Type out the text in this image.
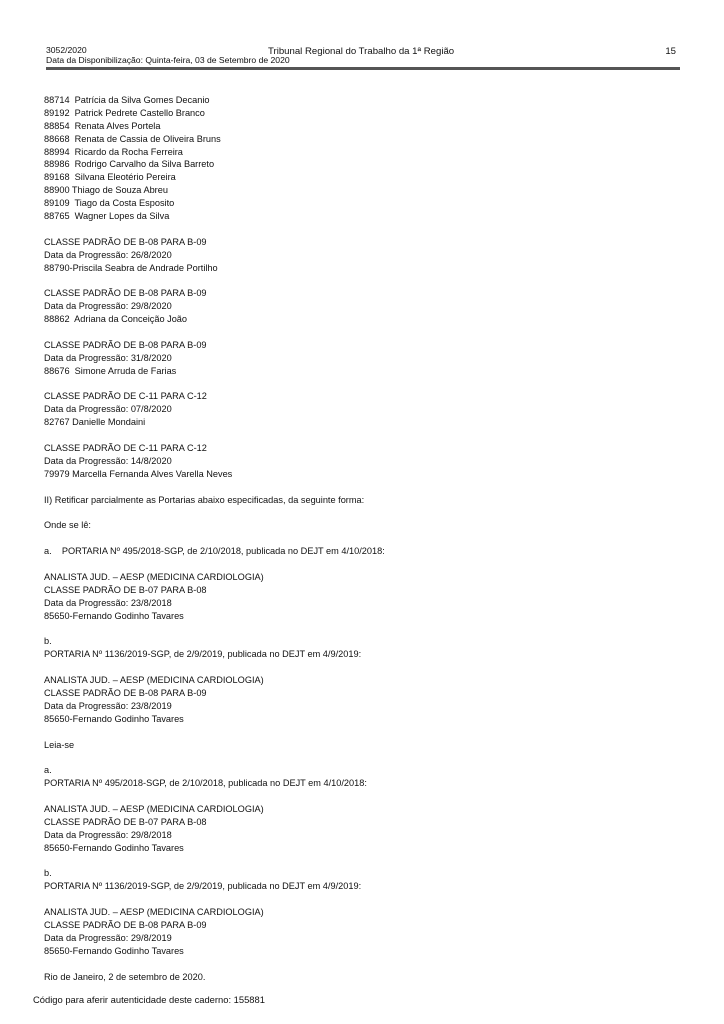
3052/2020
Data da Disponibilização: Quinta-feira, 03 de Setembro de 2020
Tribunal Regional do Trabalho da 1ª Região	15
88714  Patrícia da Silva Gomes Decanio
89192  Patrick Pedrete Castello Branco
88854  Renata Alves Portela
88668  Renata de Cassia de Oliveira Bruns
88994  Ricardo da Rocha Ferreira
88986  Rodrigo Carvalho da Silva Barreto
89168  Silvana Eleotério Pereira
88900 Thiago de Souza Abreu
89109  Tiago da Costa Esposito
88765  Wagner Lopes da Silva
CLASSE PADRÃO DE B-08 PARA B-09
Data da Progressão: 26/8/2020
88790-Priscila Seabra de Andrade Portilho
CLASSE PADRÃO DE B-08 PARA B-09
Data da Progressão: 29/8/2020
88862  Adriana da Conceição João
CLASSE PADRÃO DE B-08 PARA B-09
Data da Progressão: 31/8/2020
88676  Simone Arruda de Farias
CLASSE PADRÃO DE C-11 PARA C-12
Data da Progressão: 07/8/2020
82767 Danielle Mondaini
CLASSE PADRÃO DE C-11 PARA C-12
Data da Progressão: 14/8/2020
79979 Marcella Fernanda Alves Varella Neves
II) Retificar parcialmente as Portarias abaixo especificadas, da seguinte forma:
Onde se lê:
a.    PORTARIA Nº 495/2018-SGP, de 2/10/2018, publicada no DEJT em 4/10/2018:
ANALISTA JUD. – AESP (MEDICINA CARDIOLOGIA)
CLASSE PADRÃO DE B-07 PARA B-08
Data da Progressão: 23/8/2018
85650-Fernando Godinho Tavares
b.
PORTARIA Nº 1136/2019-SGP, de 2/9/2019, publicada no DEJT em 4/9/2019:
ANALISTA JUD. – AESP (MEDICINA CARDIOLOGIA)
CLASSE PADRÃO DE B-08 PARA B-09
Data da Progressão: 23/8/2019
85650-Fernando Godinho Tavares
Leia-se
a.
PORTARIA Nº 495/2018-SGP, de 2/10/2018, publicada no DEJT em 4/10/2018:
ANALISTA JUD. – AESP (MEDICINA CARDIOLOGIA)
CLASSE PADRÃO DE B-07 PARA B-08
Data da Progressão: 29/8/2018
85650-Fernando Godinho Tavares
b.
PORTARIA Nº 1136/2019-SGP, de 2/9/2019, publicada no DEJT em 4/9/2019:
ANALISTA JUD. – AESP (MEDICINA CARDIOLOGIA)
CLASSE PADRÃO DE B-08 PARA B-09
Data da Progressão: 29/8/2019
85650-Fernando Godinho Tavares
Rio de Janeiro, 2 de setembro de 2020.
Código para aferir autenticidade deste caderno: 155881
